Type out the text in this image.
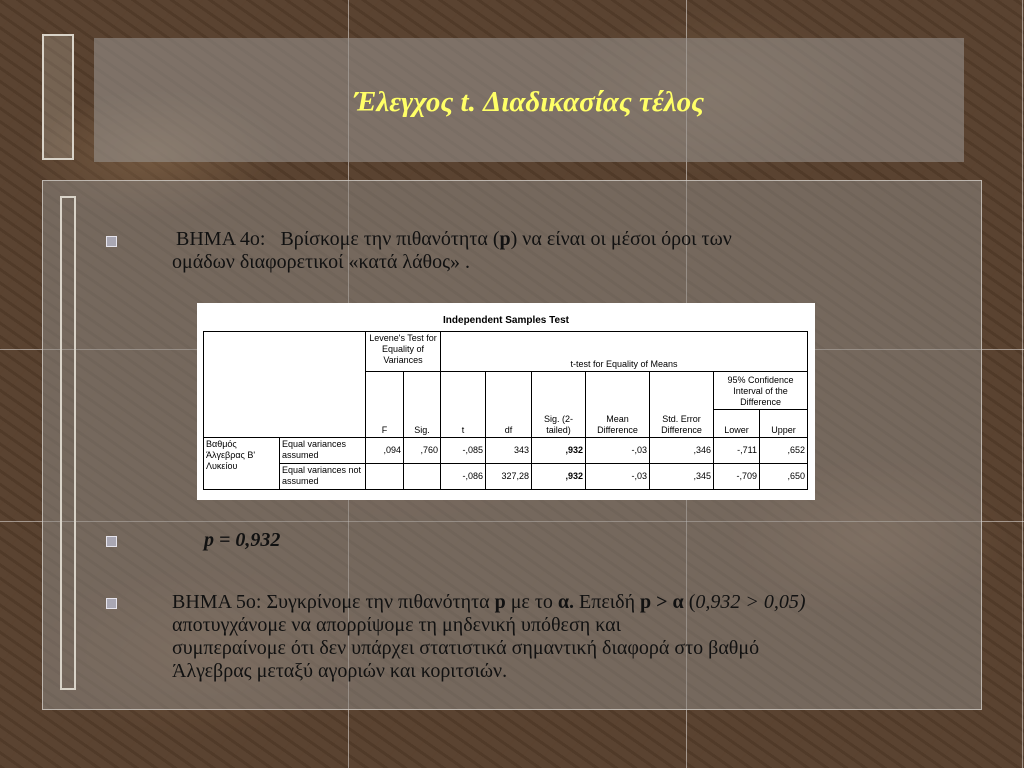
Έλεγχος t. Διαδικασίας τέλος
ΒΗΜΑ 4ο: Βρίσκομε την πιθανότητα (p) να είναι οι μέσοι όροι των
ομάδων διαφορετικοί «κατά λάθος» .
Independent Samples Test
		Levene's Test for Equality of Variances		t-test for Equality of Means						
									95% Confidence Interval of the Difference	
		F	Sig.	t	df	Sig. (2-tailed)	Mean Difference	Std. Error Difference	Lower	Upper
Βαθμός Άλγεβρας Β' Λυκείου	Equal variances assumed	,094	,760	-,085	343	,932	-,03	,346	-,711	,652
	Equal variances not assumed			-,086	327,28	,932	-,03	,345	-,709	,650
p = 0,932
ΒΗΜΑ 5ο: Συγκρίνομε την πιθανότητα p με το α. Επειδή p > α (0,932 > 0,05)
αποτυγχάνομε να απορρίψομε τη μηδενική υπόθεση και
συμπεραίνομε ότι δεν υπάρχει στατιστικά σημαντική διαφορά στο βαθμό
Άλγεβρας μεταξύ αγοριών και κοριτσιών.
